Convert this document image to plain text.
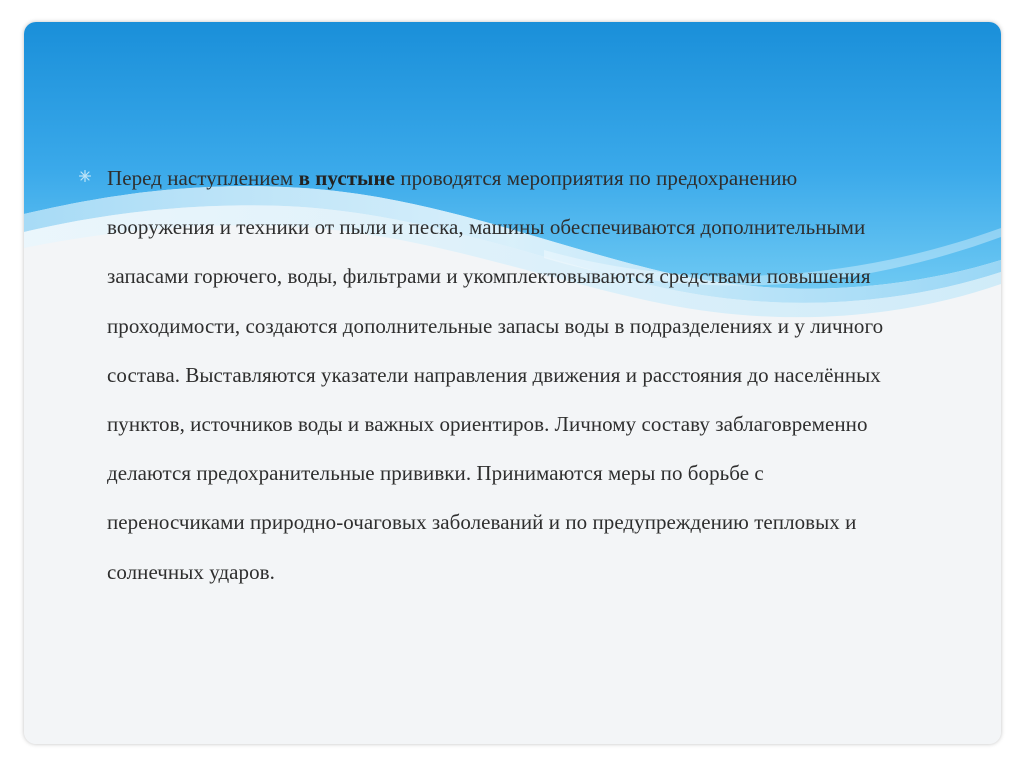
Перед наступлением в пустыне проводятся мероприятия по предохранению вооружения и техники от пыли и песка, машины обеспечиваются дополнительными запасами горючего, воды, фильтрами и укомплектовываются средствами повышения проходимости, создаются дополнительные запасы воды в подразделениях и у личного состава. Выставляются указатели направления движения и расстояния до населённых пунктов, источников воды и важных ориентиров. Личному составу заблаговременно делаются предохранительные прививки. Принимаются меры по борьбе с переносчиками природно-очаговых заболеваний и по предупреждению тепловых и солнечных ударов.
